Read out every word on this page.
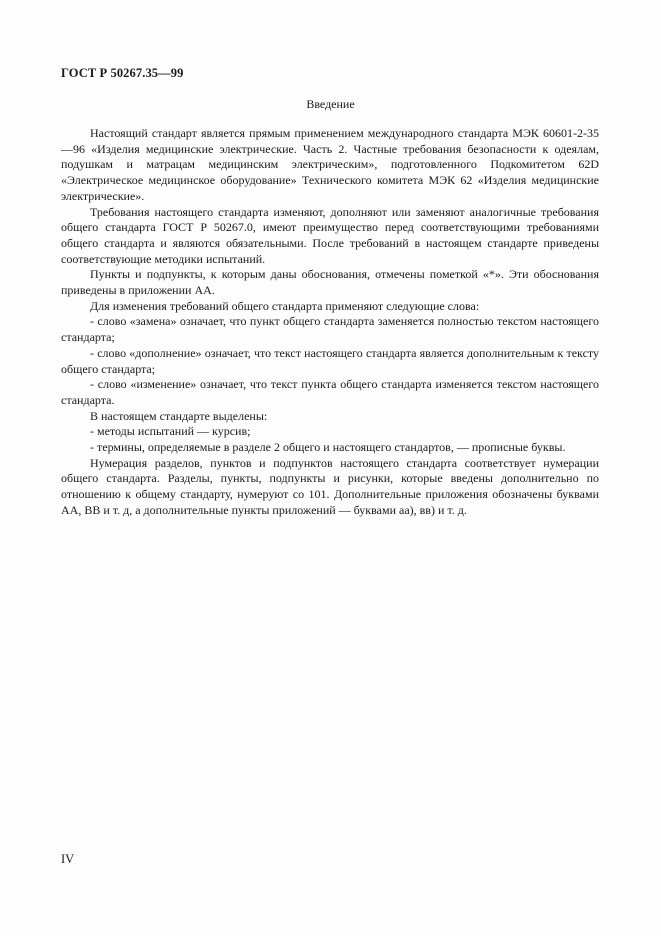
ГОСТ Р 50267.35—99
Введение

Настоящий стандарт является прямым применением международного стандарта МЭК 60601-2-35—96 «Изделия медицинские электрические. Часть 2. Частные требования безопасности к одеялам, подушкам и матрацам медицинским электрическим», подготовленного Подкомитетом 62D «Электрическое медицинское оборудование» Технического комитета МЭК 62 «Изделия медицинские электрические».

Требования настоящего стандарта изменяют, дополняют или заменяют аналогичные требования общего стандарта ГОСТ Р 50267.0, имеют преимущество перед соответствующими требованиями общего стандарта и являются обязательными. После требований в настоящем стандарте приведены соответствующие методики испытаний.

Пункты и подпункты, к которым даны обоснования, отмечены пометкой «*». Эти обоснования приведены в приложении АА.

Для изменения требований общего стандарта применяют следующие слова:

- слово «замена» означает, что пункт общего стандарта заменяется полностью текстом настоящего стандарта;

- слово «дополнение» означает, что текст настоящего стандарта является дополнительным к тексту общего стандарта;

- слово «изменение» означает, что текст пункта общего стандарта изменяется текстом настоящего стандарта.

В настоящем стандарте выделены:

- методы испытаний — курсив;

- термины, определяемые в разделе 2 общего и настоящего стандартов, — прописные буквы.

Нумерация разделов, пунктов и подпунктов настоящего стандарта соответствует нумерации общего стандарта. Разделы, пункты, подпункты и рисунки, которые введены дополнительно по отношению к общему стандарту, нумеруют со 101. Дополнительные приложения обозначены буквами АА, ВВ и т. д, а дополнительные пункты приложений — буквами аа), вв) и т. д.

IV
